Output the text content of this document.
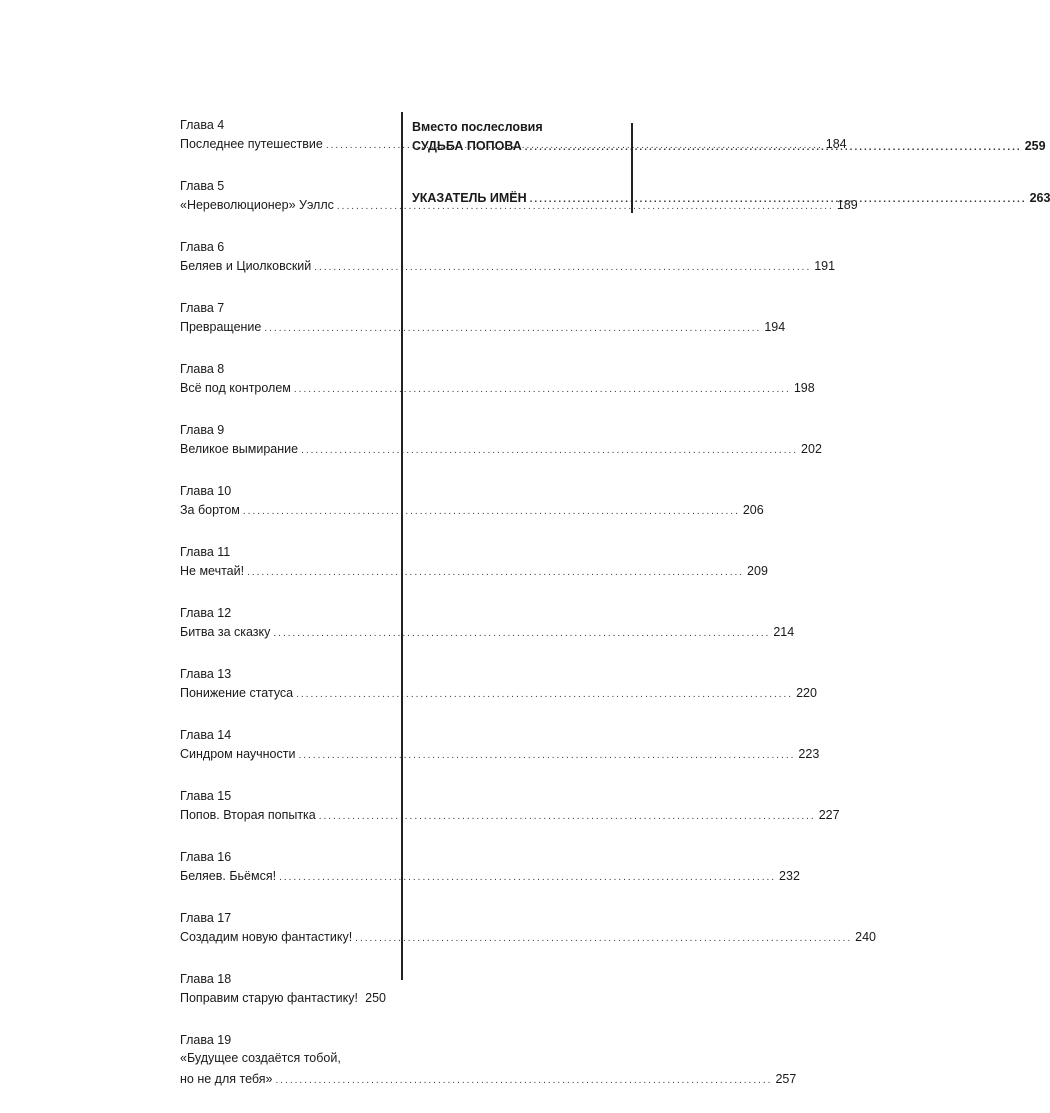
Глава 4
Последнее путешествие .....	184
Глава 5
«Нереволюционер» Уэллс .....	189
Глава 6
Беляев и Циолковский .....	191
Глава 7
Превращение .....	194
Глава 8
Всё под контролем .....	198
Глава 9
Великое вымирание .....	202
Глава 10
За бортом .....	206
Глава 11
Не мечтай! .....	209
Глава 12
Битва за сказку .....	214
Глава 13
Понижение статуса .....	220
Глава 14
Синдром научности .....	223
Глава 15
Попов. Вторая попытка .....	227
Глава 16
Беляев. Бьёмся! .....	232
Глава 17
Создадим новую фантастику! .....	240
Глава 18
Поправим старую фантастику! ..... 250
Глава 19
«Будущее создаётся тобой,
но не для тебя» .....	257
Вместо послесловия
СУДЬБА ПОПОВА .....	259
УКАЗАТЕЛЬ ИМЁН .....	263
